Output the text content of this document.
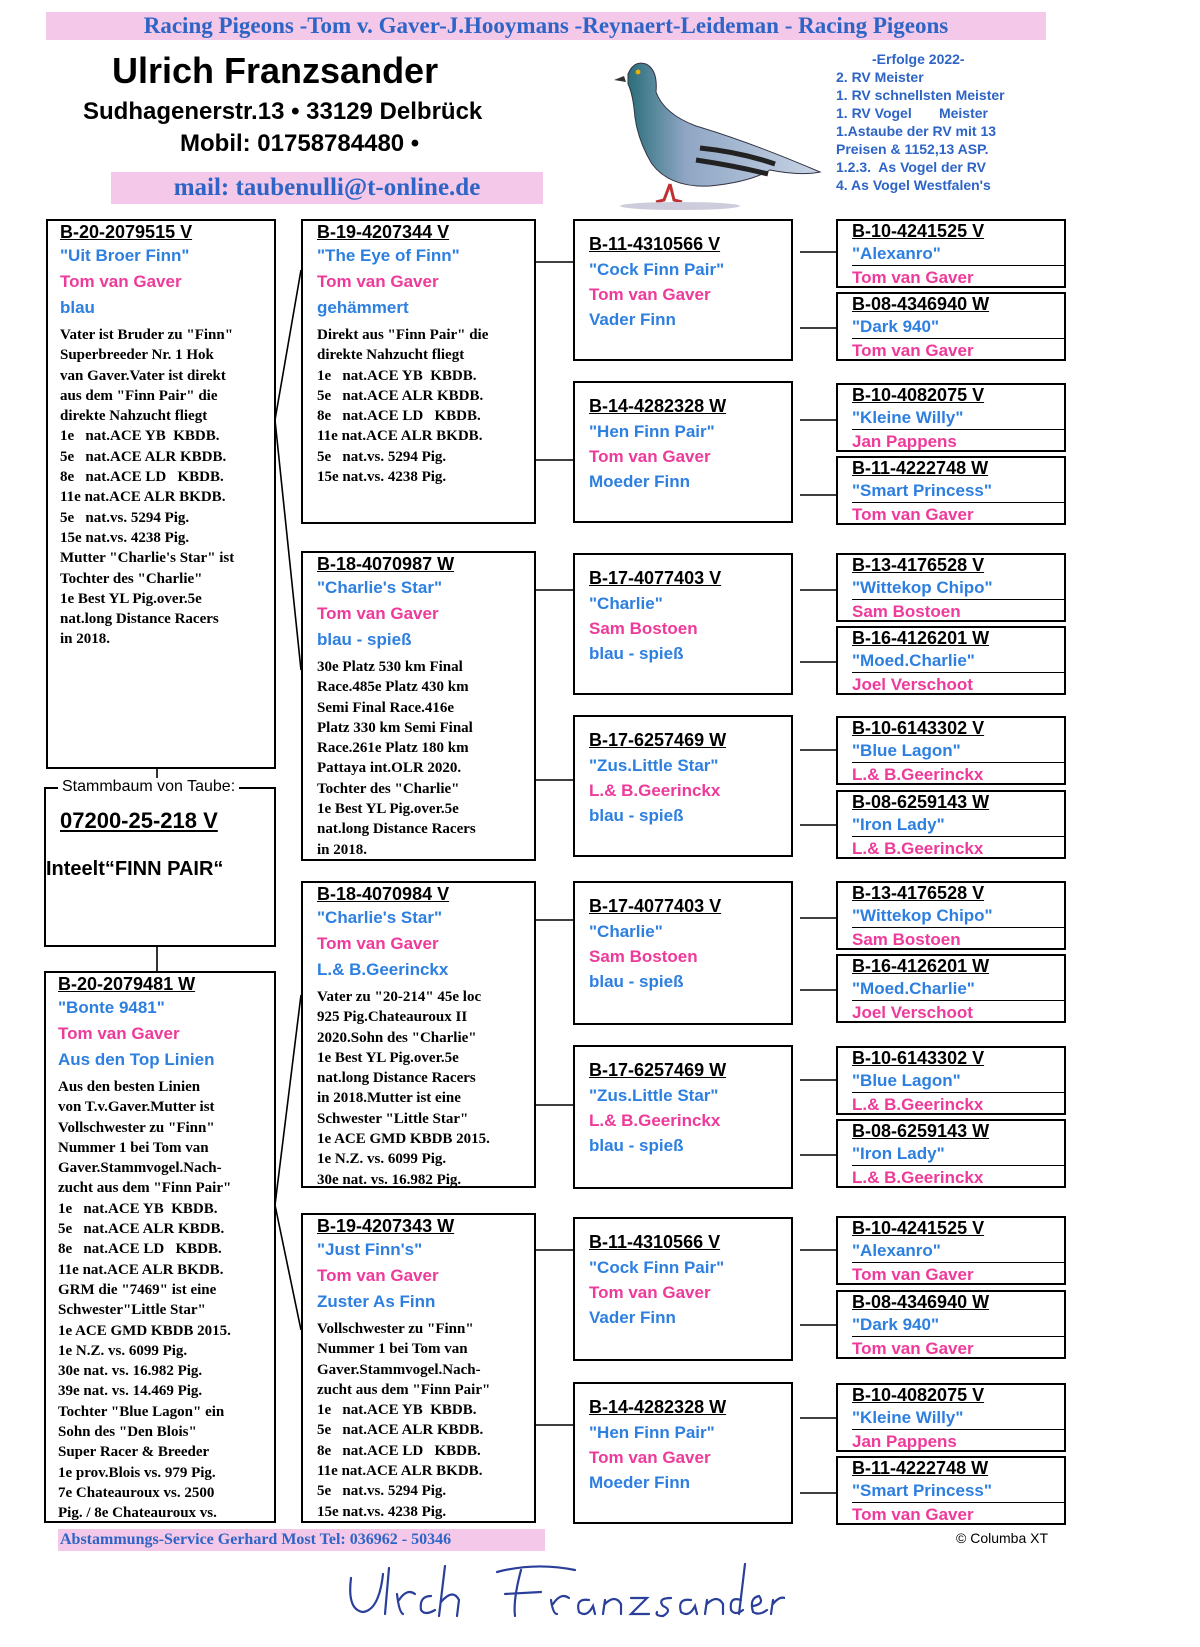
Racing Pigeons -Tom v. Gaver-J.Hooymans -Reynaert-Leideman - Racing Pigeons
Ulrich Franzsander
Sudhagenerstr.13 • 33129 Delbrück
Mobil: 01758784480 •
mail: taubenulli@t-online.de
-Erfolge 2022-
2. RV Meister
1. RV schnellsten Meister
1. RV Vogel       Meister
1.Astaube der RV mit 13
Preisen & 1152,13 ASP.
1.2.3.  As Vogel der RV
4. As Vogel Westfalen's
B-20-2079515 V
"Uit Broer Finn"
Tom van Gaver
blau
Vater ist Bruder zu "Finn"
Superbreeder Nr. 1 Hok
van Gaver.Vater ist direkt
aus dem "Finn Pair" die
direkte Nahzucht fliegt
1e   nat.ACE YB  KBDB.
5e   nat.ACE ALR KBDB.
8e   nat.ACE LD   KBDB.
11e nat.ACE ALR BKDB.
5e   nat.vs. 5294 Pig.
15e nat.vs. 4238 Pig.
Mutter "Charlie's Star" ist
Tochter des "Charlie"
1e Best YL Pig.over.5e
nat.long Distance Racers
in 2018.
B-20-2079481 W
"Bonte 9481"
Tom van Gaver
Aus den Top Linien
Aus den besten Linien
von T.v.Gaver.Mutter ist
Vollschwester zu "Finn"
Nummer 1 bei Tom van
Gaver.Stammvogel.Nach-
zucht aus dem "Finn Pair"
1e   nat.ACE YB  KBDB.
5e   nat.ACE ALR KBDB.
8e   nat.ACE LD   KBDB.
11e nat.ACE ALR BKDB.
GRM die "7469" ist eine
Schwester"Little Star"
1e ACE GMD KBDB 2015.
1e N.Z. vs. 6099 Pig.
30e nat. vs. 16.982 Pig.
39e nat. vs. 14.469 Pig.
Tochter "Blue Lagon" ein
Sohn des "Den Blois"
Super Racer & Breeder
1e prov.Blois vs. 979 Pig.
7e Chateauroux vs. 2500
Pig. / 8e Chateauroux vs.
Stammbaum von Taube:
07200-25-218 V
Inteelt“FINN PAIR“
B-19-4207344 V
"The Eye of Finn"
Tom van Gaver
gehämmert
Direkt aus "Finn Pair" die
direkte Nahzucht fliegt
1e   nat.ACE YB  KBDB.
5e   nat.ACE ALR KBDB.
8e   nat.ACE LD   KBDB.
11e nat.ACE ALR BKDB.
5e   nat.vs. 5294 Pig.
15e nat.vs. 4238 Pig.
B-18-4070987 W
"Charlie's Star"
Tom van Gaver
blau - spieß
30e Platz 530 km Final
Race.485e Platz 430 km
Semi Final Race.416e
Platz 330 km Semi Final
Race.261e Platz 180 km
Pattaya int.OLR 2020.
Tochter des "Charlie"
1e Best YL Pig.over.5e
nat.long Distance Racers
in 2018.
B-18-4070984 V
"Charlie's Star"
Tom van Gaver
L.& B.Geerinckx
Vater zu "20-214" 45e loc
925 Pig.Chateauroux II
2020.Sohn des "Charlie"
1e Best YL Pig.over.5e
nat.long Distance Racers
in 2018.Mutter ist eine
Schwester "Little Star"
1e ACE GMD KBDB 2015.
1e N.Z. vs. 6099 Pig.
30e nat. vs. 16.982 Pig.
B-19-4207343 W
"Just Finn's"
Tom van Gaver
Zuster As Finn
Vollschwester zu "Finn"
Nummer 1 bei Tom van
Gaver.Stammvogel.Nach-
zucht aus dem "Finn Pair"
1e   nat.ACE YB  KBDB.
5e   nat.ACE ALR KBDB.
8e   nat.ACE LD   KBDB.
11e nat.ACE ALR BKDB.
5e   nat.vs. 5294 Pig.
15e nat.vs. 4238 Pig.
B-11-4310566 V
"Cock Finn Pair"
Tom van Gaver
Vader Finn
B-14-4282328 W
"Hen Finn Pair"
Tom van Gaver
Moeder Finn
B-17-4077403 V
"Charlie"
Sam Bostoen
blau - spieß
B-17-6257469 W
"Zus.Little Star"
L.& B.Geerinckx
blau - spieß
B-17-4077403 V
"Charlie"
Sam Bostoen
blau - spieß
B-17-6257469 W
"Zus.Little Star"
L.& B.Geerinckx
blau - spieß
B-11-4310566 V
"Cock Finn Pair"
Tom van Gaver
Vader Finn
B-14-4282328 W
"Hen Finn Pair"
Tom van Gaver
Moeder Finn
B-10-4241525 V
"Alexanro"
Tom van Gaver
B-08-4346940 W
"Dark 940"
Tom van Gaver
B-10-4082075 V
"Kleine Willy"
Jan Pappens
B-11-4222748 W
"Smart Princess"
Tom van Gaver
B-13-4176528 V
"Wittekop Chipo"
Sam Bostoen
B-16-4126201 W
"Moed.Charlie"
Joel Verschoot
B-10-6143302 V
"Blue Lagon"
L.& B.Geerinckx
B-08-6259143 W
"Iron Lady"
L.& B.Geerinckx
B-13-4176528 V
"Wittekop Chipo"
Sam Bostoen
B-16-4126201 W
"Moed.Charlie"
Joel Verschoot
B-10-6143302 V
"Blue Lagon"
L.& B.Geerinckx
B-08-6259143 W
"Iron Lady"
L.& B.Geerinckx
B-10-4241525 V
"Alexanro"
Tom van Gaver
B-08-4346940 W
"Dark 940"
Tom van Gaver
B-10-4082075 V
"Kleine Willy"
Jan Pappens
B-11-4222748 W
"Smart Princess"
Tom van Gaver
Abstammungs-Service Gerhard Most Tel: 036962 - 50346	© Columba XT
